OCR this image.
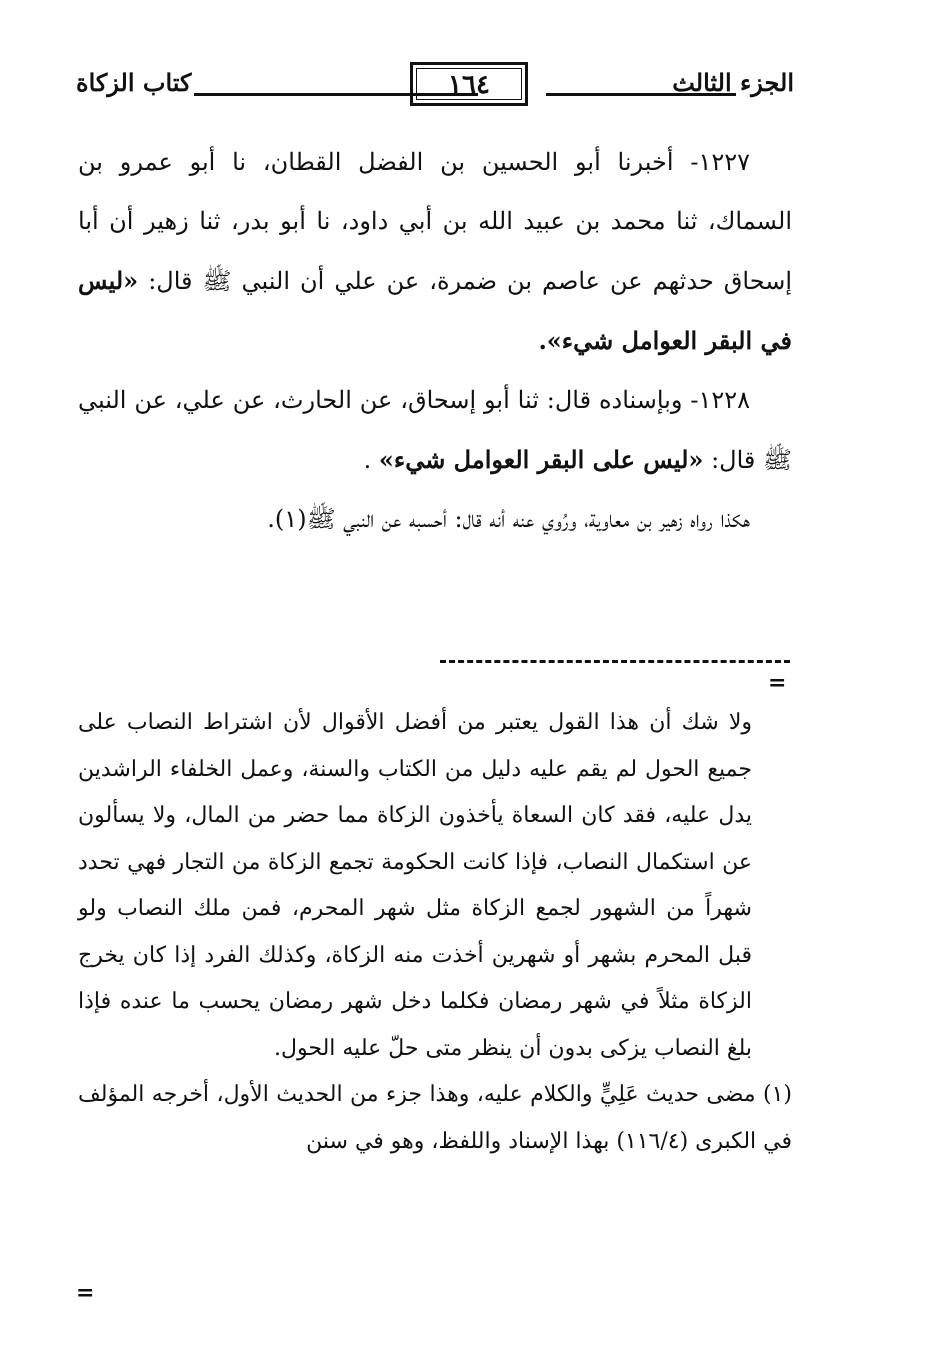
كتاب الزكاة	١٦٤	الجزء الثالث

١٢٢٧- أخبرنا أبو الحسين بن الفضل القطان، نا أبو عمرو بن السماك، ثنا محمد بن عبيد الله بن أبي داود، نا أبو بدر، ثنا زهير أن أبا إسحاق حدثهم عن عاصم بن ضمرة، عن علي أن النبي ﷺ قال: «ليس في البقر العوامل شيء».

١٢٢٨- وبإسناده قال: ثنا أبو إسحاق، عن الحارث، عن علي، عن النبي ﷺ قال: «ليس على البقر العوامل شيء» .

هكذا رواه زهير بن معاوية، ورُوي عنه أنه قال: أحسبه عن النبي ﷺ(١).

=

ولا شك أن هذا القول يعتبر من أفضل الأقوال لأن اشتراط النصاب على جميع الحول لم يقم عليه دليل من الكتاب والسنة، وعمل الخلفاء الراشدين يدل عليه، فقد كان السعاة يأخذون الزكاة مما حضر من المال، ولا يسألون عن استكمال النصاب، فإذا كانت الحكومة تجمع الزكاة من التجار فهي تحدد شهراً من الشهور لجمع الزكاة مثل شهر المحرم، فمن ملك النصاب ولو قبل المحرم بشهر أو شهرين أخذت منه الزكاة، وكذلك الفرد إذا كان يخرج الزكاة مثلاً في شهر رمضان فكلما دخل شهر رمضان يحسب ما عنده فإذا بلغ النصاب يزكى بدون أن ينظر متى حلّ عليه الحول.

(١) مضى حديث عَلِيٍّ والكلام عليه، وهذا جزء من الحديث الأول، أخرجه المؤلف في الكبرى (١١٦/٤) بهذا الإسناد واللفظ، وهو في سنن

=
